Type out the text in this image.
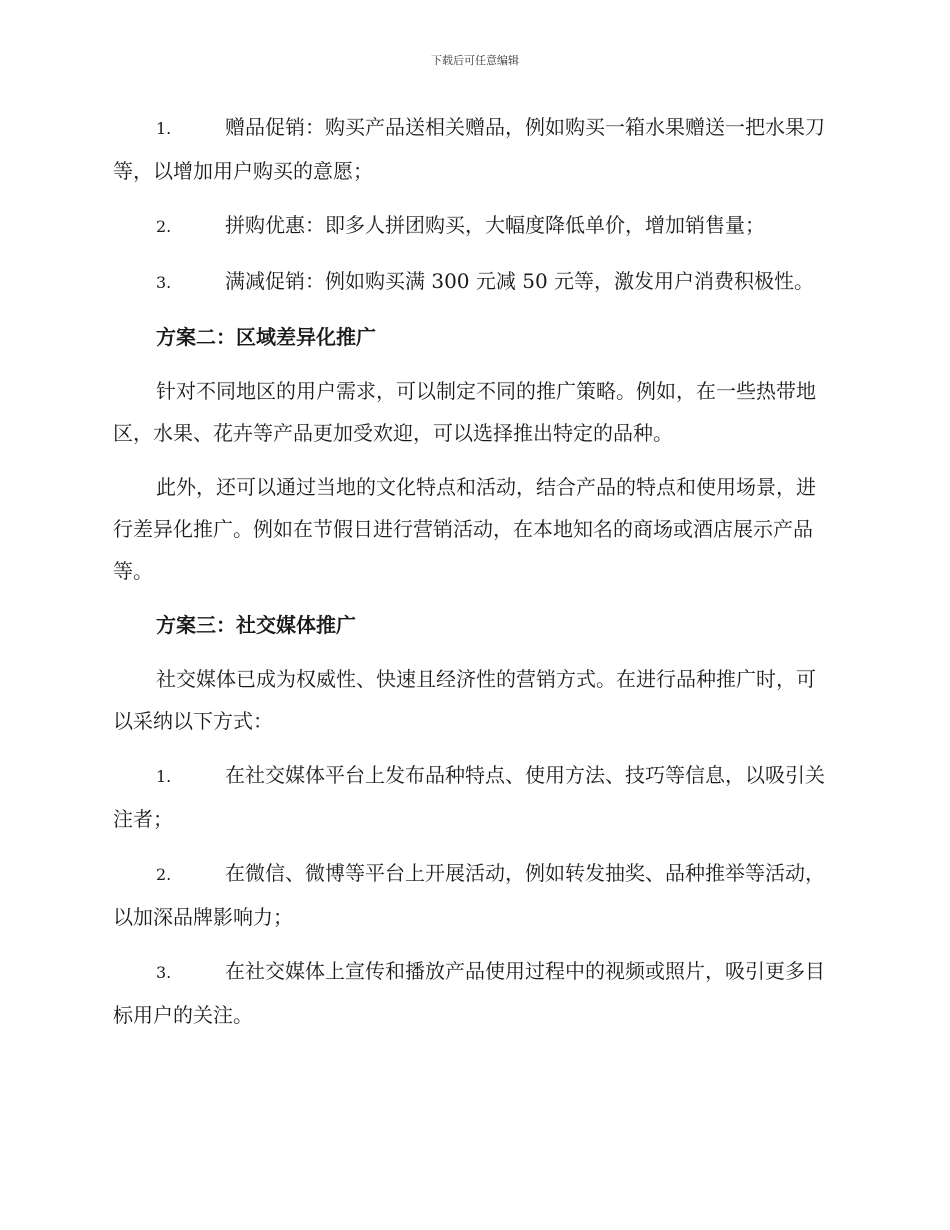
下载后可任意编辑
1.	赠品促销：购买产品送相关赠品，例如购买一箱水果赠送一把水果刀等，以增加用户购买的意愿；
2.	拼购优惠：即多人拼团购买，大幅度降低单价，增加销售量；
3.	满减促销：例如购买满 300 元减 50 元等，激发用户消费积极性。
方案二：区域差异化推广
针对不同地区的用户需求，可以制定不同的推广策略。例如，在一些热带地区，水果、花卉等产品更加受欢迎，可以选择推出特定的品种。
此外，还可以通过当地的文化特点和活动，结合产品的特点和使用场景，进行差异化推广。例如在节假日进行营销活动，在本地知名的商场或酒店展示产品等。
方案三：社交媒体推广
社交媒体已成为权威性、快速且经济性的营销方式。在进行品种推广时，可以采纳以下方式：
1.	在社交媒体平台上发布品种特点、使用方法、技巧等信息，以吸引关注者；
2.	在微信、微博等平台上开展活动，例如转发抽奖、品种推举等活动，以加深品牌影响力；
3.	在社交媒体上宣传和播放产品使用过程中的视频或照片，吸引更多目标用户的关注。
